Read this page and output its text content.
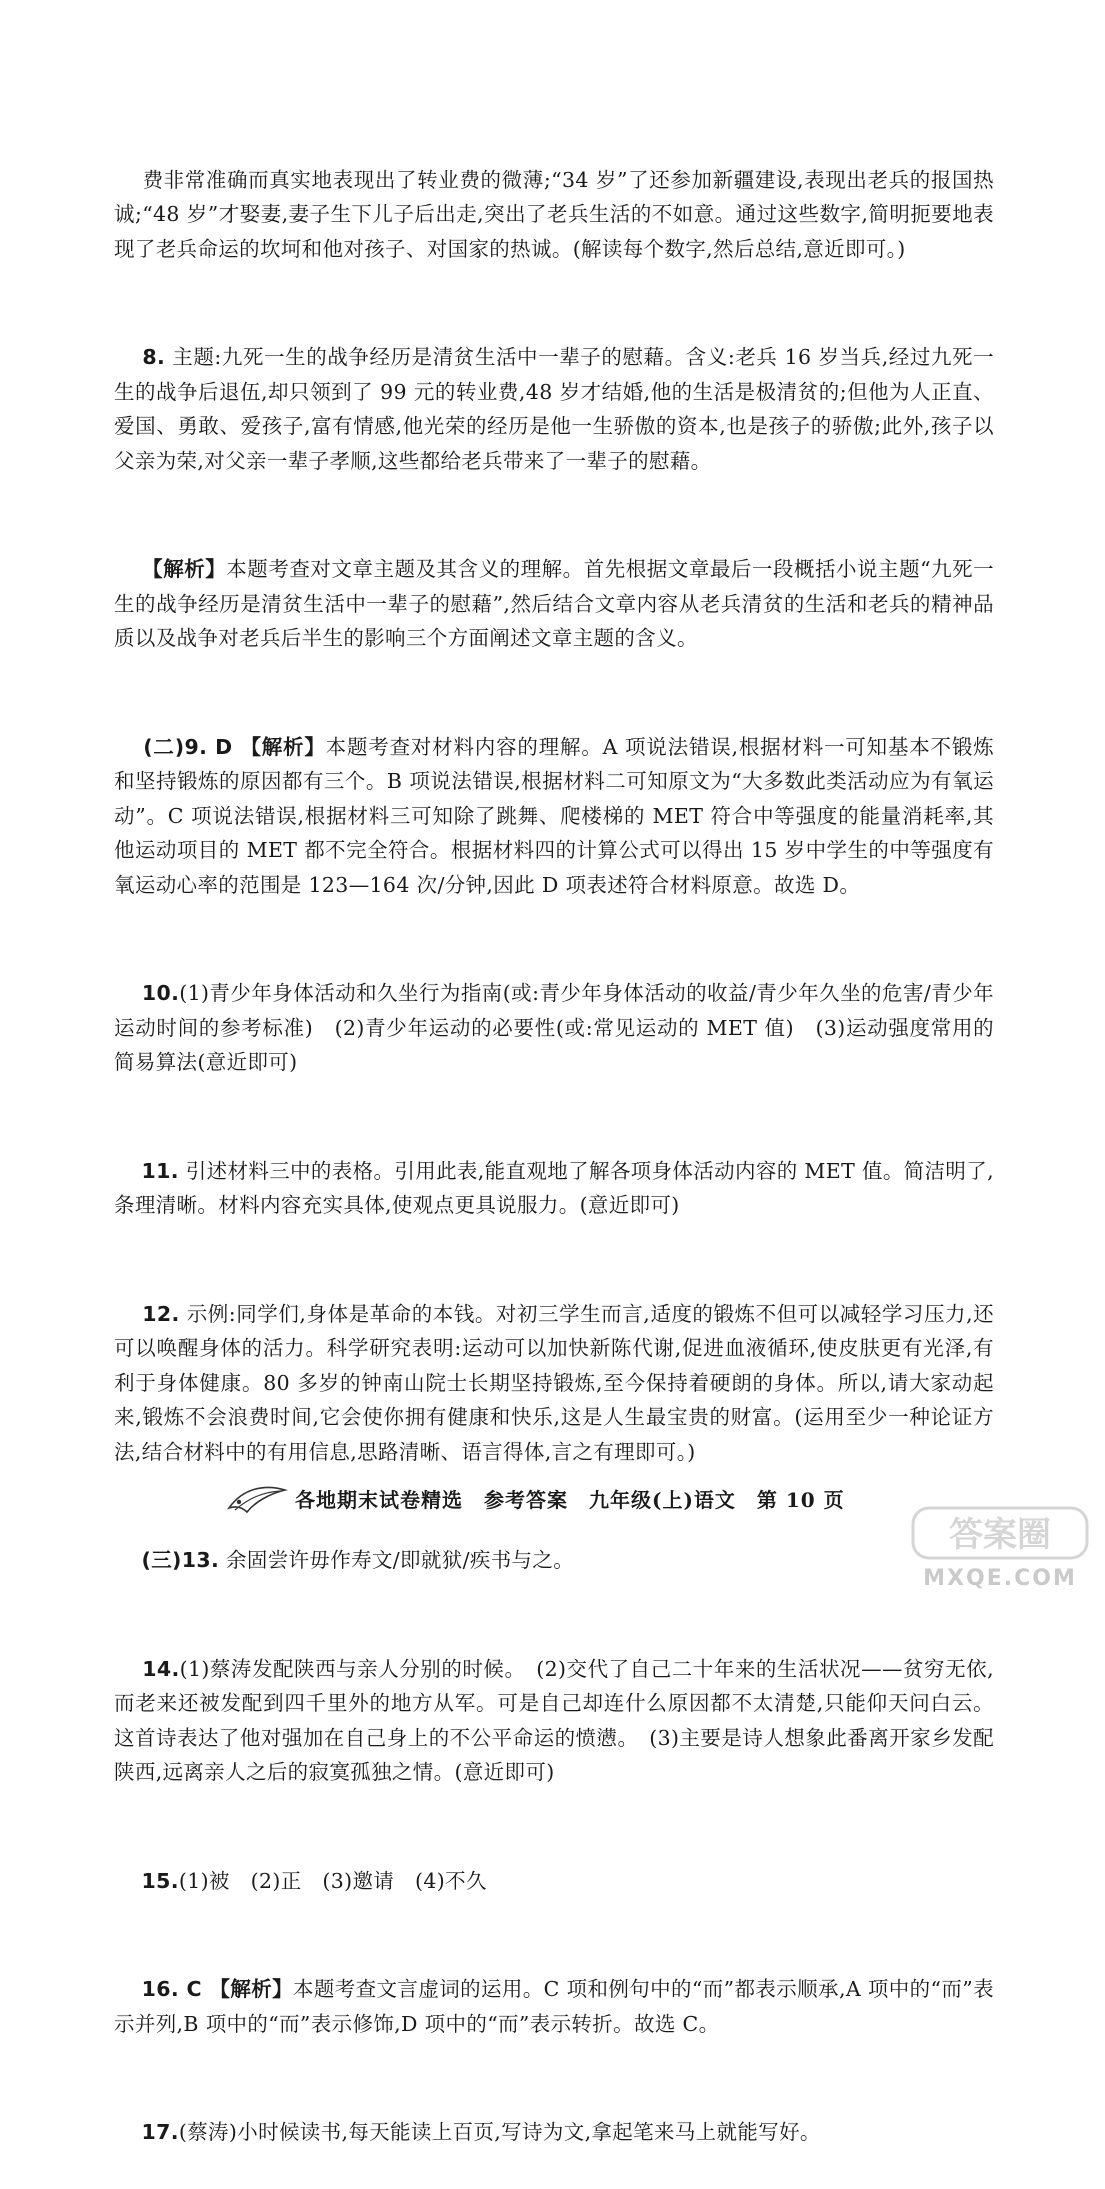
费非常准确而真实地表现出了转业费的微薄;“34 岁”了还参加新疆建设,表现出老兵的报国热诚;“48 岁”才娶妻,妻子生下儿子后出走,突出了老兵生活的不如意。通过这些数字,简明扼要地表现了老兵命运的坎坷和他对孩子、对国家的热诚。(解读每个数字,然后总结,意近即可。)

8. 主题:九死一生的战争经历是清贫生活中一辈子的慰藉。含义:老兵 16 岁当兵,经过九死一生的战争后退伍,却只领到了 99 元的转业费,48 岁才结婚,他的生活是极清贫的;但他为人正直、爱国、勇敢、爱孩子,富有情感,他光荣的经历是他一生骄傲的资本,也是孩子的骄傲;此外,孩子以父亲为荣,对父亲一辈子孝顺,这些都给老兵带来了一辈子的慰藉。

【解析】本题考查对文章主题及其含义的理解。首先根据文章最后一段概括小说主题“九死一生的战争经历是清贫生活中一辈子的慰藉”,然后结合文章内容从老兵清贫的生活和老兵的精神品质以及战争对老兵后半生的影响三个方面阐述文章主题的含义。

(二)9. D 【解析】本题考查对材料内容的理解。A 项说法错误,根据材料一可知基本不锻炼和坚持锻炼的原因都有三个。B 项说法错误,根据材料二可知原文为“大多数此类活动应为有氧运动”。C 项说法错误,根据材料三可知除了跳舞、爬楼梯的 MET 符合中等强度的能量消耗率,其他运动项目的 MET 都不完全符合。根据材料四的计算公式可以得出 15 岁中学生的中等强度有氧运动心率的范围是 123—164 次/分钟,因此 D 项表述符合材料原意。故选 D。

10.(1)青少年身体活动和久坐行为指南(或:青少年身体活动的收益/青少年久坐的危害/青少年运动时间的参考标准)　(2)青少年运动的必要性(或:常见运动的 MET 值)　(3)运动强度常用的简易算法(意近即可)

11. 引述材料三中的表格。引用此表,能直观地了解各项身体活动内容的 MET 值。简洁明了,条理清晰。材料内容充实具体,使观点更具说服力。(意近即可)

12. 示例:同学们,身体是革命的本钱。对初三学生而言,适度的锻炼不但可以减轻学习压力,还可以唤醒身体的活力。科学研究表明:运动可以加快新陈代谢,促进血液循环,使皮肤更有光泽,有利于身体健康。80 多岁的钟南山院士长期坚持锻炼,至今保持着硬朗的身体。所以,请大家动起来,锻炼不会浪费时间,它会使你拥有健康和快乐,这是人生最宝贵的财富。(运用至少一种论证方法,结合材料中的有用信息,思路清晰、语言得体,言之有理即可。)

(三)13. 余固尝许毋作寿文/即就狱/疾书与之。

14.(1)蔡涛发配陕西与亲人分别的时候。　(2)交代了自己二十年来的生活状况——贫穷无依,而老来还被发配到四千里外的地方从军。可是自己却连什么原因都不太清楚,只能仰天问白云。这首诗表达了他对强加在自己身上的不公平命运的愤懑。　(3)主要是诗人想象此番离开家乡发配陕西,远离亲人之后的寂寞孤独之情。(意近即可)

15.(1)被　(2)正　(3)邀请　(4)不久

16. C 【解析】本题考查文言虚词的运用。C 项和例句中的“而”都表示顺承,A 项中的“而”表示并列,B 项中的“而”表示修饰,D 项中的“而”表示转折。故选 C。

17.(蔡涛)小时候读书,每天能读上百页,写诗为文,拿起笔来马上就能写好。

各地期末试卷精选　参考答案　九年级(上)语文　第 10 页
答案圈
MXQE.COM
